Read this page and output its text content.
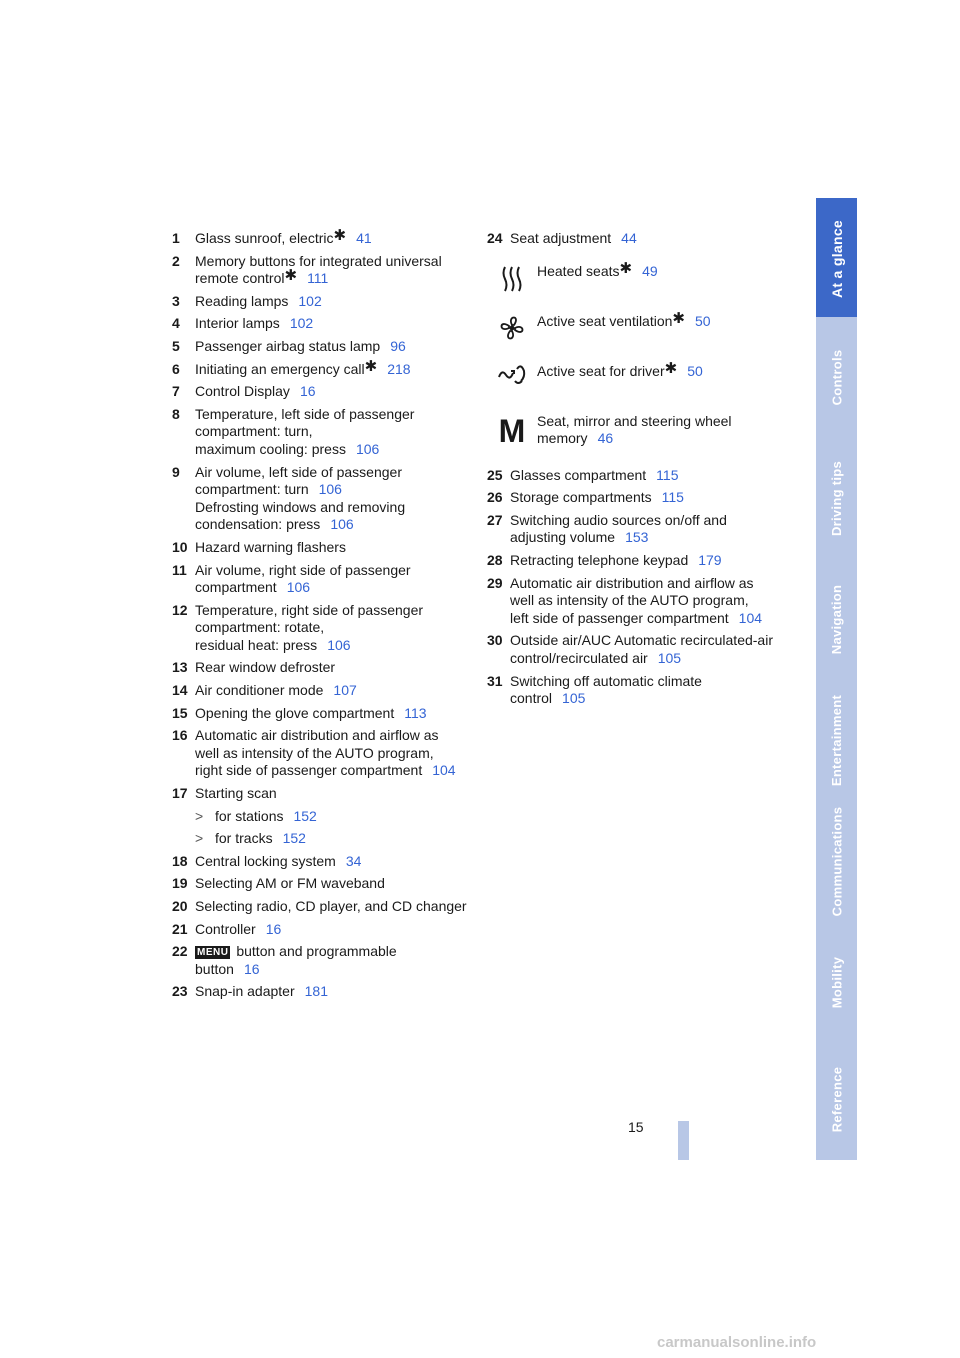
1	Glass sunroof, electric✱ 41
2	Memory buttons for integrated universal remote control✱ 111
3	Reading lamps 102
4	Interior lamps 102
5	Passenger airbag status lamp 96
6	Initiating an emergency call✱ 218
7	Control Display 16
8	Temperature, left side of passenger
compartment: turn,
maximum cooling: press 106
9	Air volume, left side of passenger
compartment: turn 106
Defrosting windows and removing
condensation: press 106
10 Hazard warning flashers
11 Air volume, right side of passenger
compartment 106
12 Temperature, right side of passenger
compartment: rotate,
residual heat: press 106
13 Rear window defroster
14 Air conditioner mode 107
15 Opening the glove compartment 113
16 Automatic air distribution and airflow as
well as intensity of the AUTO program,
right side of passenger compartment 104
17 Starting scan
> for stations 152
> for tracks 152
18 Central locking system 34
19 Selecting AM or FM waveband
20 Selecting radio, CD player, and CD changer
21 Controller 16
22 MENU button and programmable
button 16
23 Snap-in adapter 181
24 Seat adjustment 44
Heated seats✱ 49
Active seat ventilation✱ 50
Active seat for driver✱ 50
M Seat, mirror and steering wheel
memory 46
25 Glasses compartment 115
26 Storage compartments 115
27 Switching audio sources on/off and
adjusting volume 153
28 Retracting telephone keypad 179
29 Automatic air distribution and airflow as
well as intensity of the AUTO program,
left side of passenger compartment 104
30 Outside air/AUC Automatic recirculated-air
control/recirculated air 105
31 Switching off automatic climate
control 105
At a glance
Controls
Driving tips
Navigation
Entertainment
Communications
Mobility
Reference
15
carmanualsonline.info
